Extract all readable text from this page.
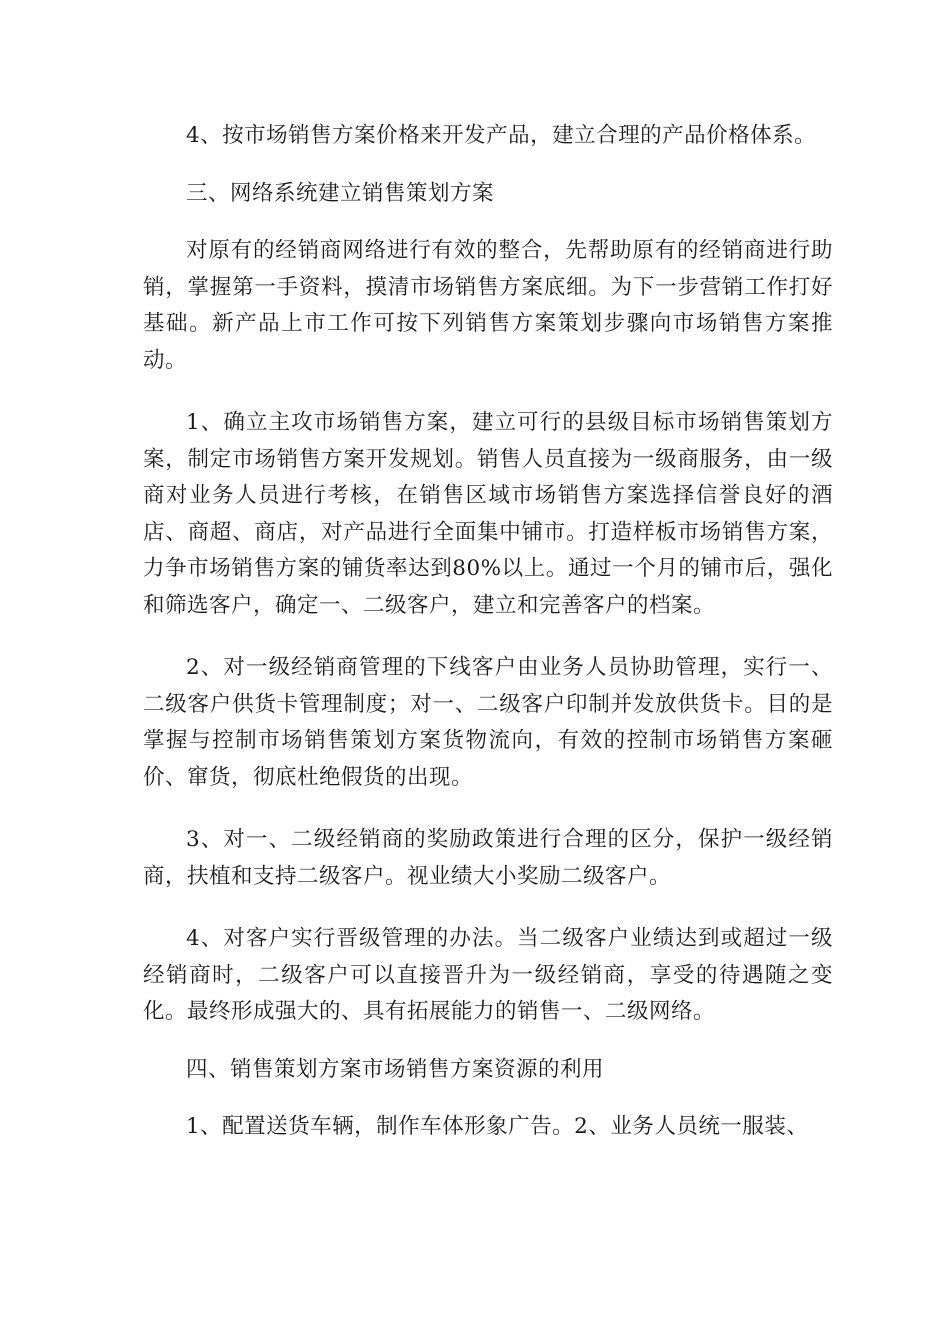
4、按市场销售方案价格来开发产品，建立合理的产品价格体系。

三、网络系统建立销售策划方案

对原有的经销商网络进行有效的整合，先帮助原有的经销商进行助销，掌握第一手资料，摸清市场销售方案底细。为下一步营销工作打好基础。新产品上市工作可按下列销售方案策划步骤向市场销售方案推动。

1、确立主攻市场销售方案，建立可行的县级目标市场销售策划方案，制定市场销售方案开发规划。销售人员直接为一级商服务，由一级商对业务人员进行考核，在销售区域市场销售方案选择信誉良好的酒店、商超、商店，对产品进行全面集中铺市。打造样板市场销售方案，力争市场销售方案的铺货率达到80%以上。通过一个月的铺市后，强化和筛选客户，确定一、二级客户，建立和完善客户的档案。

2、对一级经销商管理的下线客户由业务人员协助管理，实行一、二级客户供货卡管理制度；对一、二级客户印制并发放供货卡。目的是掌握与控制市场销售策划方案货物流向，有效的控制市场销售方案砸价、窜货，彻底杜绝假货的出现。

3、对一、二级经销商的奖励政策进行合理的区分，保护一级经销商，扶植和支持二级客户。视业绩大小奖励二级客户。

4、对客户实行晋级管理的办法。当二级客户业绩达到或超过一级经销商时，二级客户可以直接晋升为一级经销商，享受的待遇随之变化。最终形成强大的、具有拓展能力的销售一、二级网络。

四、销售策划方案市场销售方案资源的利用

1、配置送货车辆，制作车体形象广告。2、业务人员统一服装、
